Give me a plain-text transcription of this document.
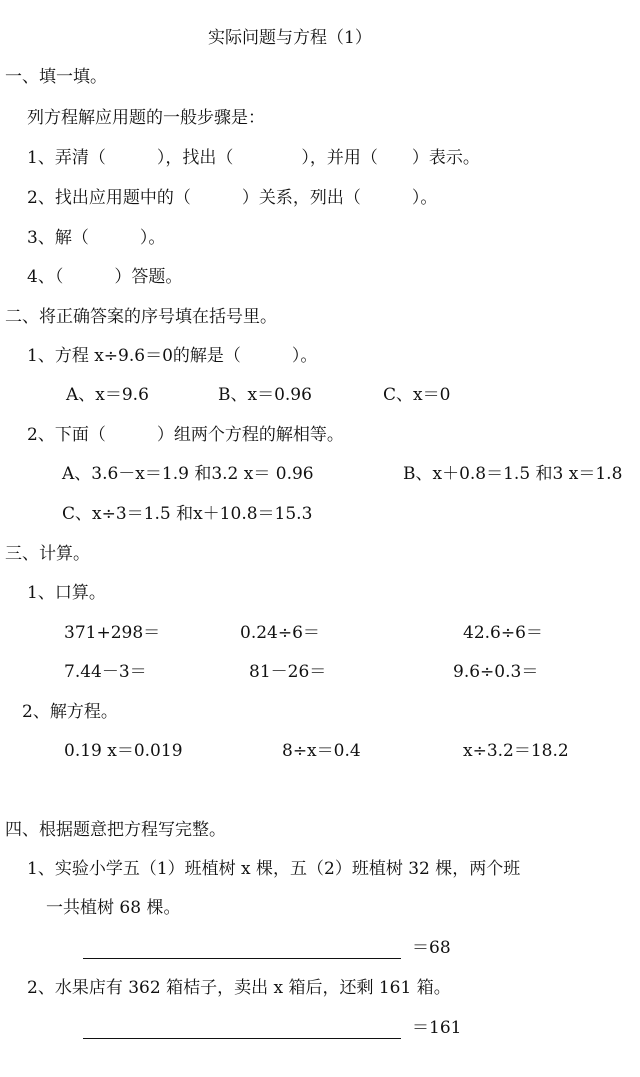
实际问题与方程（1）
一、填一填。
列方程解应用题的一般步骤是：
1、弄清（　　　），找出（　　　　），并用（　　）表示。
2、找出应用题中的（　　　）关系，列出（　　　）。
3、解（　　　）。
4、（　　　）答题。
二、将正确答案的序号填在括号里。
1、方程 x÷9.6＝0的解是（　　　）。
A、x＝9.6	B、x＝0.96	C、x＝0
2、下面（　　　）组两个方程的解相等。
A、3.6－x＝1.9 和3.2 x＝ 0.96	B、x＋0.8＝1.5 和3 x＝1.8
C、x÷3＝1.5 和x＋10.8＝15.3
三、计算。
1、口算。
371+298＝	0.24÷6＝	42.6÷6＝
7.44－3＝	81－26＝	9.6÷0.3＝
2、解方程。
0.19 x＝0.019	8÷x＝0.4	x÷3.2＝18.2
四、根据题意把方程写完整。
1、实验小学五（1）班植树 x 棵，五（2）班植树 32 棵，两个班
一共植树 68 棵。
＝68
2、水果店有 362 箱桔子，卖出 x 箱后，还剩 161 箱。
＝161
